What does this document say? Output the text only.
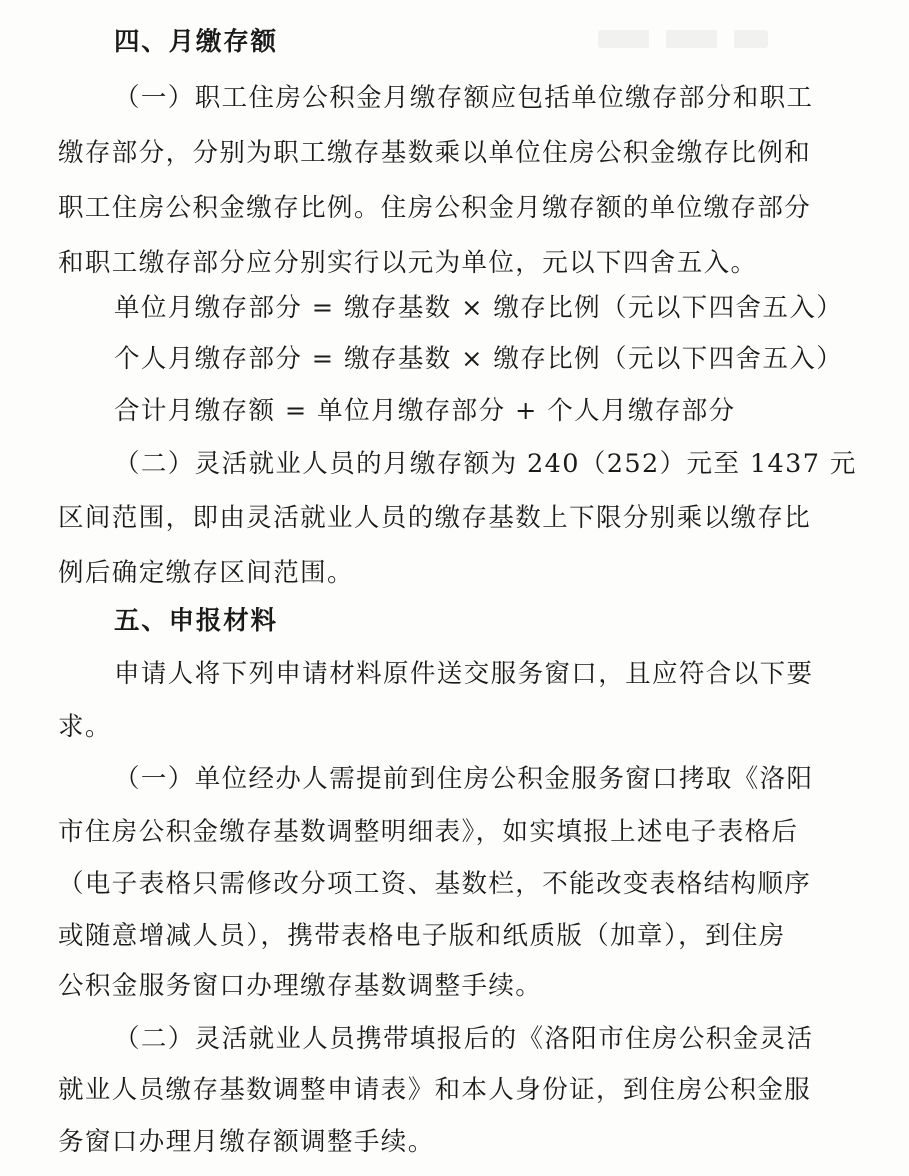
四、月缴存额
（一）职工住房公积金月缴存额应包括单位缴存部分和职工
缴存部分，分别为职工缴存基数乘以单位住房公积金缴存比例和
职工住房公积金缴存比例。住房公积金月缴存额的单位缴存部分
和职工缴存部分应分别实行以元为单位，元以下四舍五入。
单位月缴存部分 = 缴存基数 × 缴存比例（元以下四舍五入）
个人月缴存部分 = 缴存基数 × 缴存比例（元以下四舍五入）
合计月缴存额 = 单位月缴存部分 + 个人月缴存部分
（二）灵活就业人员的月缴存额为 240（252）元至 1437 元
区间范围，即由灵活就业人员的缴存基数上下限分别乘以缴存比
例后确定缴存区间范围。
五、申报材料
申请人将下列申请材料原件送交服务窗口，且应符合以下要
求。
（一）单位经办人需提前到住房公积金服务窗口拷取《洛阳
市住房公积金缴存基数调整明细表》，如实填报上述电子表格后
（电子表格只需修改分项工资、基数栏，不能改变表格结构顺序
或随意增减人员），携带表格电子版和纸质版（加章），到住房
公积金服务窗口办理缴存基数调整手续。
（二）灵活就业人员携带填报后的《洛阳市住房公积金灵活
就业人员缴存基数调整申请表》和本人身份证，到住房公积金服
务窗口办理月缴存额调整手续。
